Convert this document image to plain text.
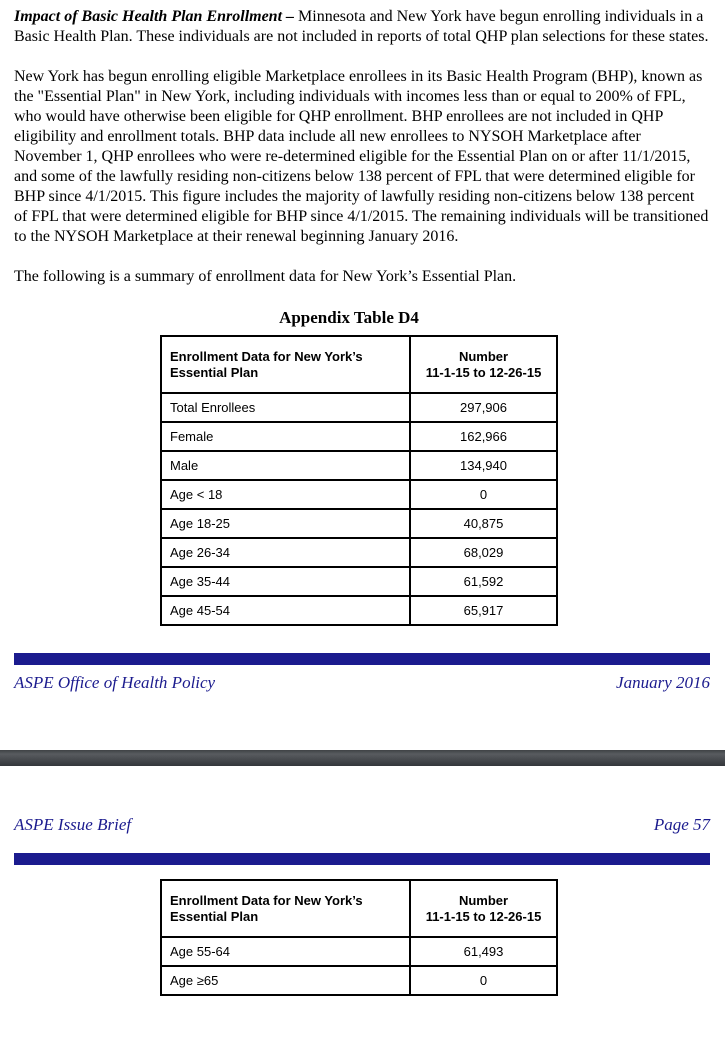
Impact of Basic Health Plan Enrollment – Minnesota and New York have begun enrolling individuals in a Basic Health Plan. These individuals are not included in reports of total QHP plan selections for these states.

New York has begun enrolling eligible Marketplace enrollees in its Basic Health Program (BHP), known as the "Essential Plan" in New York, including individuals with incomes less than or equal to 200% of FPL, who would have otherwise been eligible for QHP enrollment. BHP enrollees are not included in QHP eligibility and enrollment totals. BHP data include all new enrollees to NYSOH Marketplace after November 1, QHP enrollees who were re-determined eligible for the Essential Plan on or after 11/1/2015, and some of the lawfully residing non-citizens below 138 percent of FPL that were determined eligible for BHP since 4/1/2015. This figure includes the majority of lawfully residing non-citizens below 138 percent of FPL that were determined eligible for BHP since 4/1/2015. The remaining individuals will be transitioned to the NYSOH Marketplace at their renewal beginning January 2016.

The following is a summary of enrollment data for New York’s Essential Plan.

Appendix Table D4
Enrollment Data for New York’s Essential Plan	Number
11-1-15 to 12-26-15

Total Enrollees	297,906
Female	162,966
Male	134,940
Age < 18	0
Age 18-25	40,875
Age 26-34	68,029
Age 35-44	61,592
Age 45-54	65,917
ASPE Office of Health Policy	January 2016
ASPE Issue Brief	Page 57
Enrollment Data for New York’s Essential Plan	Number
11-1-15 to 12-26-15

Age 55-64	61,493
Age ≥65	0
